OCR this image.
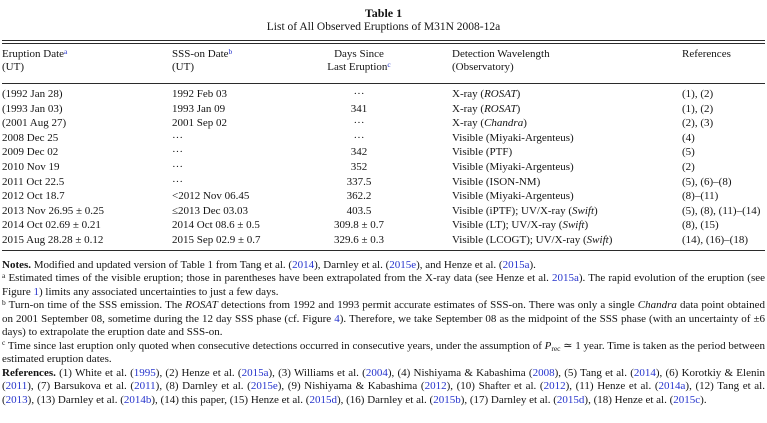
Table 1
List of All Observed Eruptions of M31N 2008-12a
Eruption Date$^a$
(UT)

SSS-on Date$^b$
(UT)

Days Since
Last Eruption$^c$

Detection Wavelength
(Observatory)

References

(1992 Jan 28)	1992 Feb 03	···	X-ray (ROSAT)	(1), (2)
(1993 Jan 03)	1993 Jan 09	341	X-ray (ROSAT)	(1), (2)
(2001 Aug 27)	2001 Sep 02	···	X-ray (Chandra)	(2), (3)
2008 Dec 25	···	···	Visible (Miyaki-Argenteus)	(4)
2009 Dec 02	···	342	Visible (PTF)	(5)
2010 Nov 19	···	352	Visible (Miyaki-Argenteus)	(2)
2011 Oct 22.5	···	337.5	Visible (ISON-NM)	(5), (6)–(8)
2012 Oct 18.7	<2012 Nov 06.45	362.2	Visible (Miyaki-Argenteus)	(8)–(11)
2013 Nov 26.95 ± 0.25	≤2013 Dec 03.03	403.5	Visible (iPTF); UV/X-ray (Swift)	(5), (8), (11)–(14)
2014 Oct 02.69 ± 0.21	2014 Oct 08.6 ± 0.5	309.8 ± 0.7	Visible (LT); UV/X-ray (Swift)	(8), (15)
2015 Aug 28.28 ± 0.12	2015 Sep 02.9 ± 0.7	329.6 ± 0.3	Visible (LCOGT); UV/X-ray (Swift)	(14), (16)–(18)

Notes. Modified and updated version of Table 1 from Tang et al. (2014), Darnley et al. (2015e), and Henze et al. (2015a).

$^a$ Estimated times of the visible eruption; those in parentheses have been extrapolated from the X-ray data (see Henze et al. 2015a). The rapid evolution of the eruption (see Figure 1) limits any associated uncertainties to just a few days.

$^b$ Turn-on time of the SSS emission. The ROSAT detections from 1992 and 1993 permit accurate estimates of SSS-on. There was only a single Chandra data point obtained on 2001 September 08, sometime during the 12 day SSS phase (cf. Figure 4). Therefore, we take September 08 as the midpoint of the SSS phase (with an uncertainty of ±6 days) to extrapolate the eruption date and SSS-on.

$^c$ Time since last eruption only quoted when consecutive detections occurred in consecutive years, under the assumption of Prec ≃ 1 year. Time is taken as the period between estimated eruption dates.

References. (1) White et al. (1995), (2) Henze et al. (2015a), (3) Williams et al. (2004), (4) Nishiyama & Kabashima (2008), (5) Tang et al. (2014), (6) Korotkiy & Elenin (2011), (7) Barsukova et al. (2011), (8) Darnley et al. (2015e), (9) Nishiyama & Kabashima (2012), (10) Shafter et al. (2012), (11) Henze et al. (2014a), (12) Tang et al. (2013), (13) Darnley et al. (2014b), (14) this paper, (15) Henze et al. (2015d), (16) Darnley et al. (2015b), (17) Darnley et al. (2015d), (18) Henze et al. (2015c).
